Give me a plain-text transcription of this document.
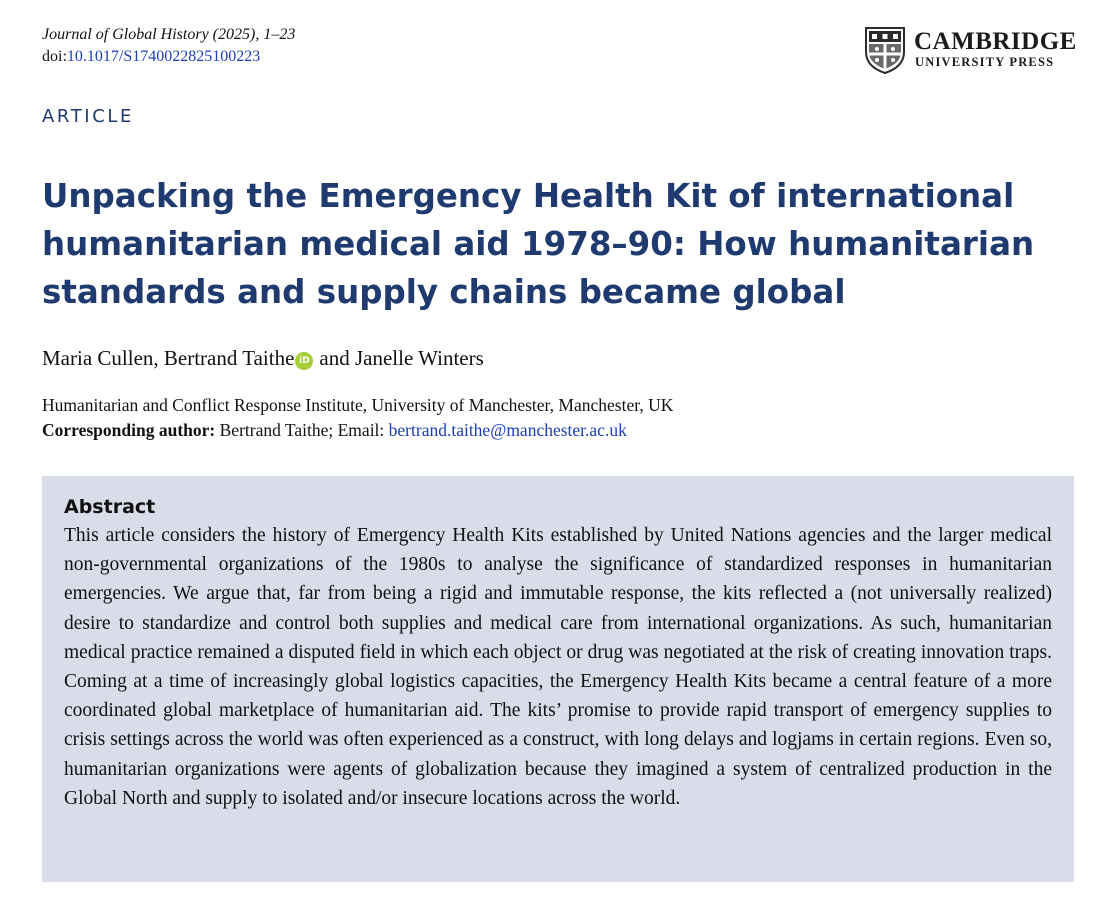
Journal of Global History (2025), 1–23
doi:10.1017/S1740022825100223
CAMBRIDGE
UNIVERSITY PRESS
ARTICLE
Unpacking the Emergency Health Kit of international humanitarian medical aid 1978–90: How humanitarian standards and supply chains became global
Maria Cullen, Bertrand Taithe iD and Janelle Winters
Humanitarian and Conflict Response Institute, University of Manchester, Manchester, UK
Corresponding author: Bertrand Taithe; Email: bertrand.taithe@manchester.ac.uk
Abstract

This article considers the history of Emergency Health Kits established by United Nations agencies and the larger medical non-governmental organizations of the 1980s to analyse the significance of standardized responses in humanitarian emergencies. We argue that, far from being a rigid and immutable response, the kits reflected a (not universally realized) desire to standardize and control both supplies and medical care from international organizations. As such, humanitarian medical practice remained a disputed field in which each object or drug was negotiated at the risk of creating innovation traps. Coming at a time of increasingly global logistics capacities, the Emergency Health Kits became a central feature of a more coordinated global marketplace of humanitarian aid. The kits’ promise to provide rapid transport of emergency supplies to crisis settings across the world was often experienced as a construct, with long delays and logjams in certain regions. Even so, humanitarian organizations were agents of globalization because they imagined a system of centralized production in the Global North and supply to isolated and/or insecure locations across the world.
